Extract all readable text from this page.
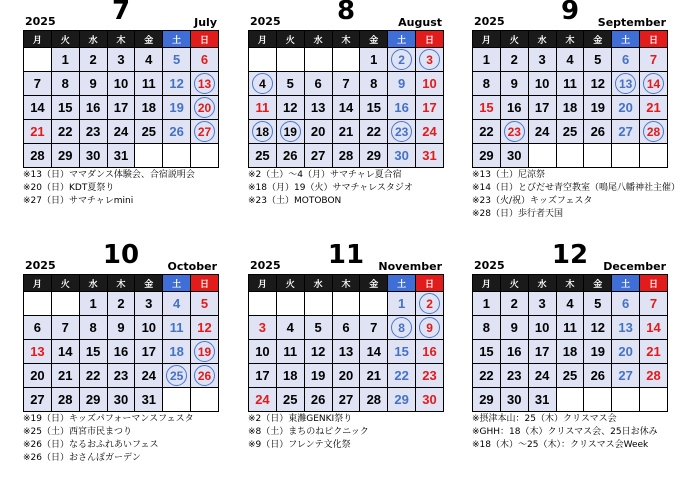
2025	7	July
月	火	水	木	金	土	日
	1	2	3	4	5	6
7	8	9	10	11	12	13
14	15	16	17	18	19	20
21	22	23	24	25	26	27
28	29	30	31			
※13（日）ママダンス体験会、合宿説明会
※20（日）KDT夏祭り
※27（日）サマチャレmini
2025	8	August
月	火	水	木	金	土	日
				1	2	3
4	5	6	7	8	9	10
11	12	13	14	15	16	17
18	19	20	21	22	23	24
25	26	27	28	29	30	31
※2（土）～4（月）サマチャレ夏合宿
※18（月）19（火）サマチャレスタジオ
※23（土）MOTOBON
2025	9	September
月	火	水	木	金	土	日
1	2	3	4	5	6	7
8	9	10	11	12	13	14
15	16	17	18	19	20	21
22	23	24	25	26	27	28
29	30					
※13（土）尼涼祭
※14（日）とびだせ青空教室（鳴尾八幡神社主催）
※23（火/祝）キッズフェスタ
※28（日）歩行者天国
2025	10	October
月	火	水	木	金	土	日
		1	2	3	4	5
6	7	8	9	10	11	12
13	14	15	16	17	18	19
20	21	22	23	24	25	26
27	28	29	30	31		
※19（日）キッズパフォーマンスフェスタ
※25（土）西宮市民まつり
※26（日）なるおふれあいフェス
※26（日）おさんぽガーデン
2025	11	November
月	火	水	木	金	土	日
					1	2
3	4	5	6	7	8	9
10	11	12	13	14	15	16
17	18	19	20	21	22	23
24	25	26	27	28	29	30
※2（日）東灘GENKI祭り
※8（土）まちのねピクニック
※9（日）フレンテ文化祭
2025	12	December
月	火	水	木	金	土	日
1	2	3	4	5	6	7
8	9	10	11	12	13	14
15	16	17	18	19	20	21
22	23	24	25	26	27	28
29	30	31				
※摂津本山：25（木）クリスマス会
※GHH：18（木）クリスマス会、25日お休み
※18（木）～25（木）：クリスマス会Week
